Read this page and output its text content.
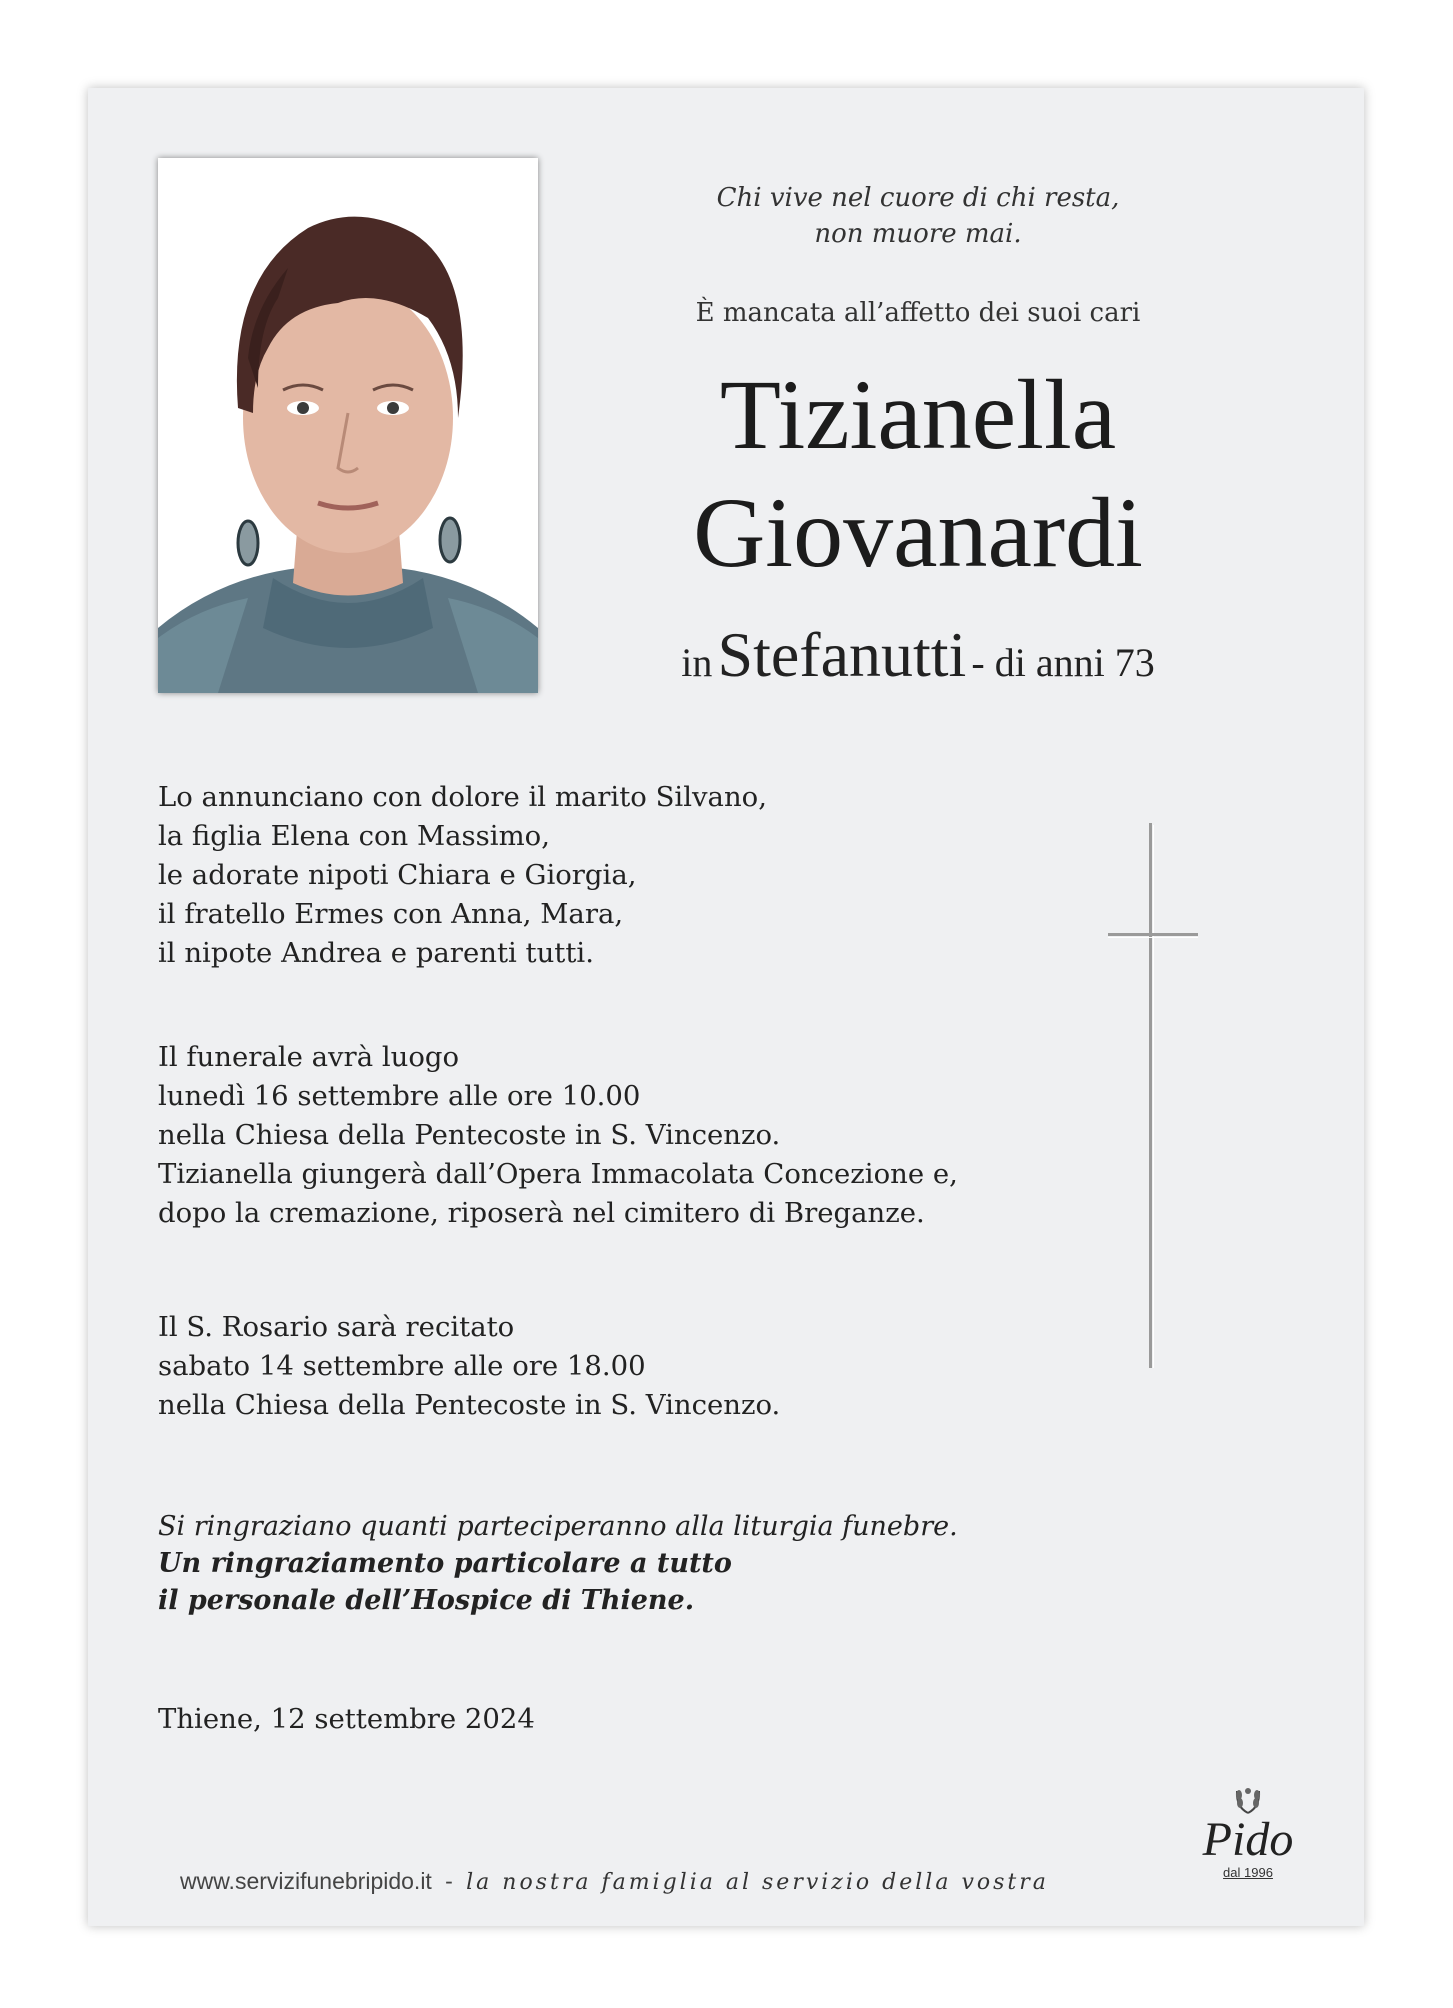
Chi vive nel cuore di chi resta,
non muore mai.

È mancata all’affetto dei suoi cari

Tizianella

Giovanardi

in Stefanutti - di anni 73

Lo annunciano con dolore il marito Silvano,
la figlia Elena con Massimo,
le adorate nipoti Chiara e Giorgia,
il fratello Ermes con Anna, Mara,
il nipote Andrea e parenti tutti.

Il funerale avrà luogo
lunedì 16 settembre alle ore 10.00
nella Chiesa della Pentecoste in S. Vincenzo.
Tizianella giungerà dall’Opera Immacolata Concezione e,
dopo la cremazione, riposerà nel cimitero di Breganze.

Il S. Rosario sarà recitato
sabato 14 settembre alle ore 18.00
nella Chiesa della Pentecoste in S. Vincenzo.

Si ringraziano quanti parteciperanno alla liturgia funebre.
Un ringraziamento particolare a tutto
il personale dell’Hospice di Thiene.

Thiene, 12 settembre 2024

www.servizifunebripido.it - la nostra famiglia al servizio della vostra

Pido
dal 1996
